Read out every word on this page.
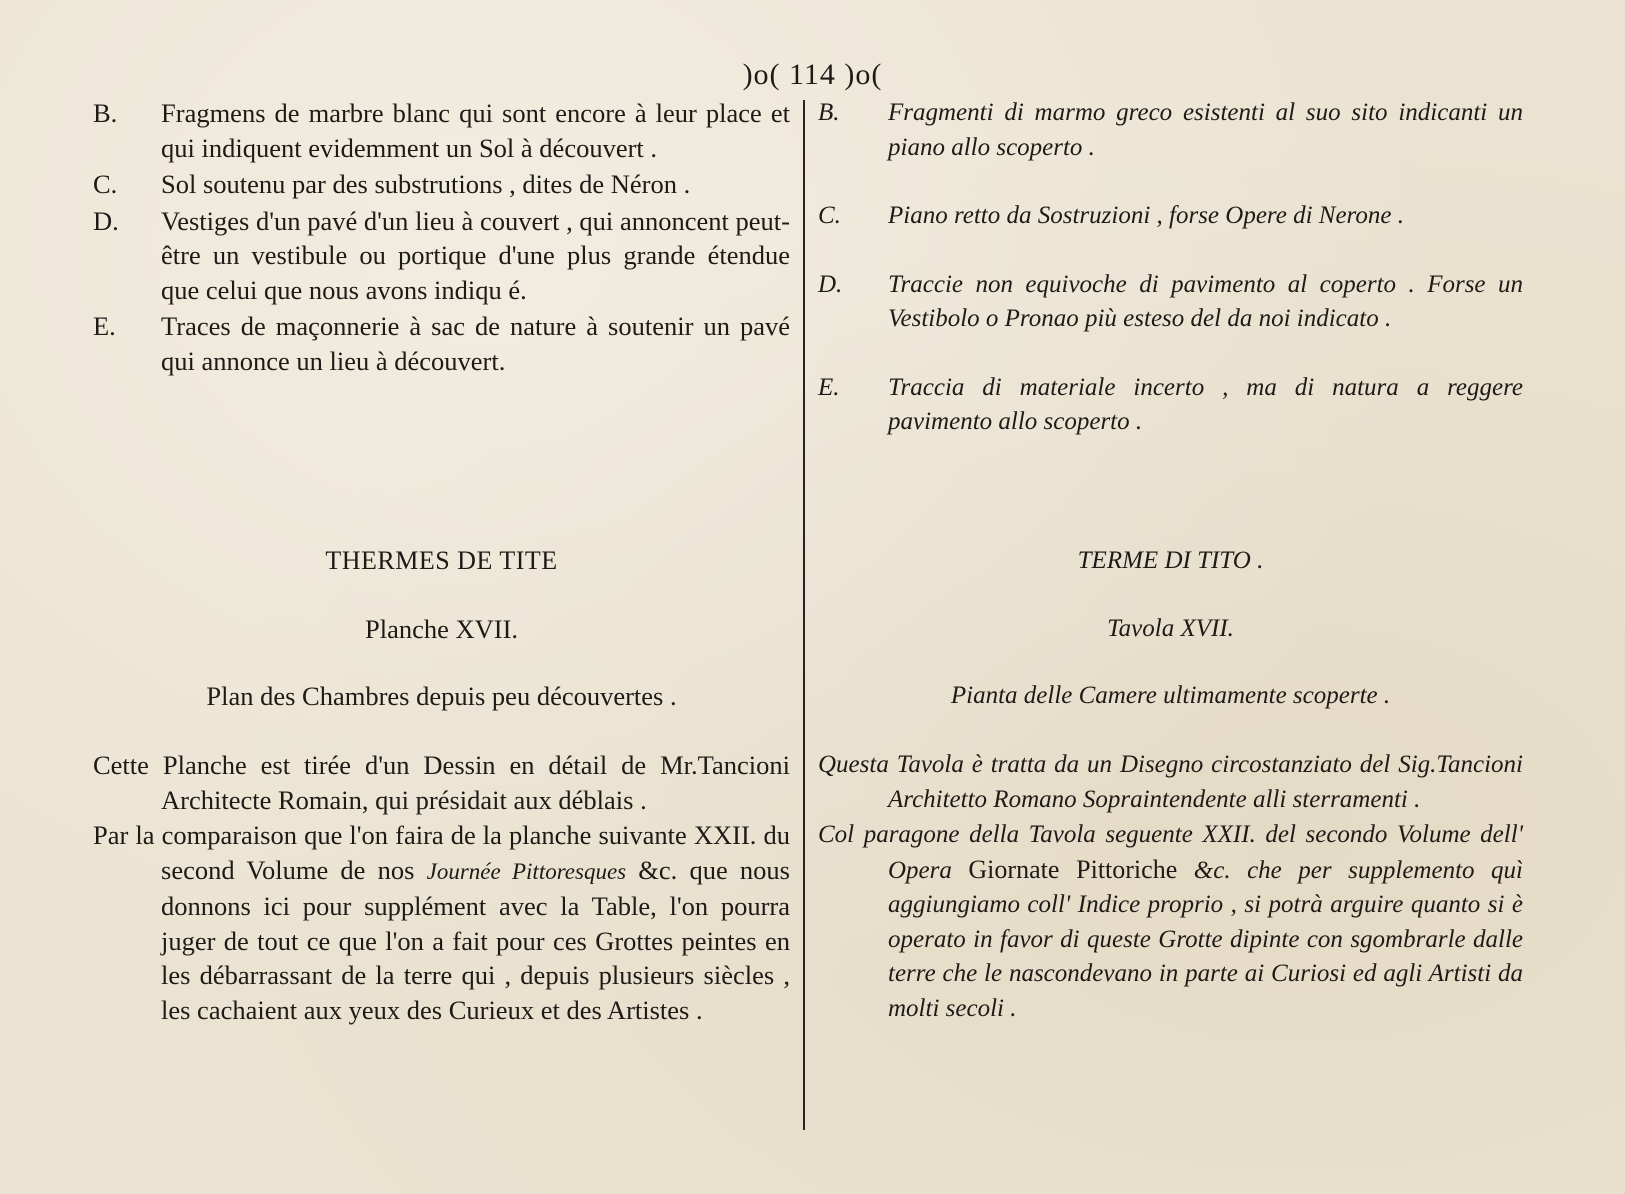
)o( 114 )o(
B. Fragmens de marbre blanc qui sont encore à leur place et qui indiquent evidemment un Sol à découvert .
C. Sol soutenu par des substrutions , dites de Néron .
D. Vestiges d'un pavé d'un lieu à couvert , qui annoncent peut-être un vestibule ou portique d'une plus grande étendue que celui que nous avons indiqu é.
E. Traces de maçonnerie à sac de nature à soutenir un pavé qui annonce un lieu à découvert.
THERMES DE TITE
Planche XVII.
Plan des Chambres depuis peu découvertes .
Cette Planche est tirée d'un Dessin en détail de Mr.Tancioni Architecte Romain, qui présidait aux déblais .
Par la comparaison que l'on faira de la planche suivante XXII. du second Volume de nos Journée Pittoresques &c. que nous donnons ici pour supplément avec la Table, l'on pourra juger de tout ce que l'on a fait pour ces Grottes peintes en les débarrassant de la terre qui , depuis plusieurs siècles , les cachaient aux yeux des Curieux et des Artistes .
B. Fragmenti di marmo greco esistenti al suo sito indicanti un piano allo scoperto .
C. Piano retto da Sostruzioni , forse Opere di Nerone .
D. Traccie non equivoche di pavimento al coperto . Forse un Vestibolo o Pronao più esteso del da noi indicato .
E. Traccia di materiale incerto , ma di natura a reggere pavimento allo scoperto .
TERME DI TITO .
Tavola XVII.
Pianta delle Camere ultimamente scoperte .
Questa Tavola è tratta da un Disegno circostanziato del Sig.Tancioni Architetto Romano Sopraintendente alli sterramenti .
Col paragone della Tavola seguente XXII. del secondo Volume dell' Opera Giornate Pittoriche &c. che per supplemento quì aggiungiamo coll' Indice proprio , si potrà arguire quanto si è operato in favor di queste Grotte dipinte con sgombrarle dalle terre che le nascondevano in parte ai Curiosi ed agli Artisti da molti secoli .
